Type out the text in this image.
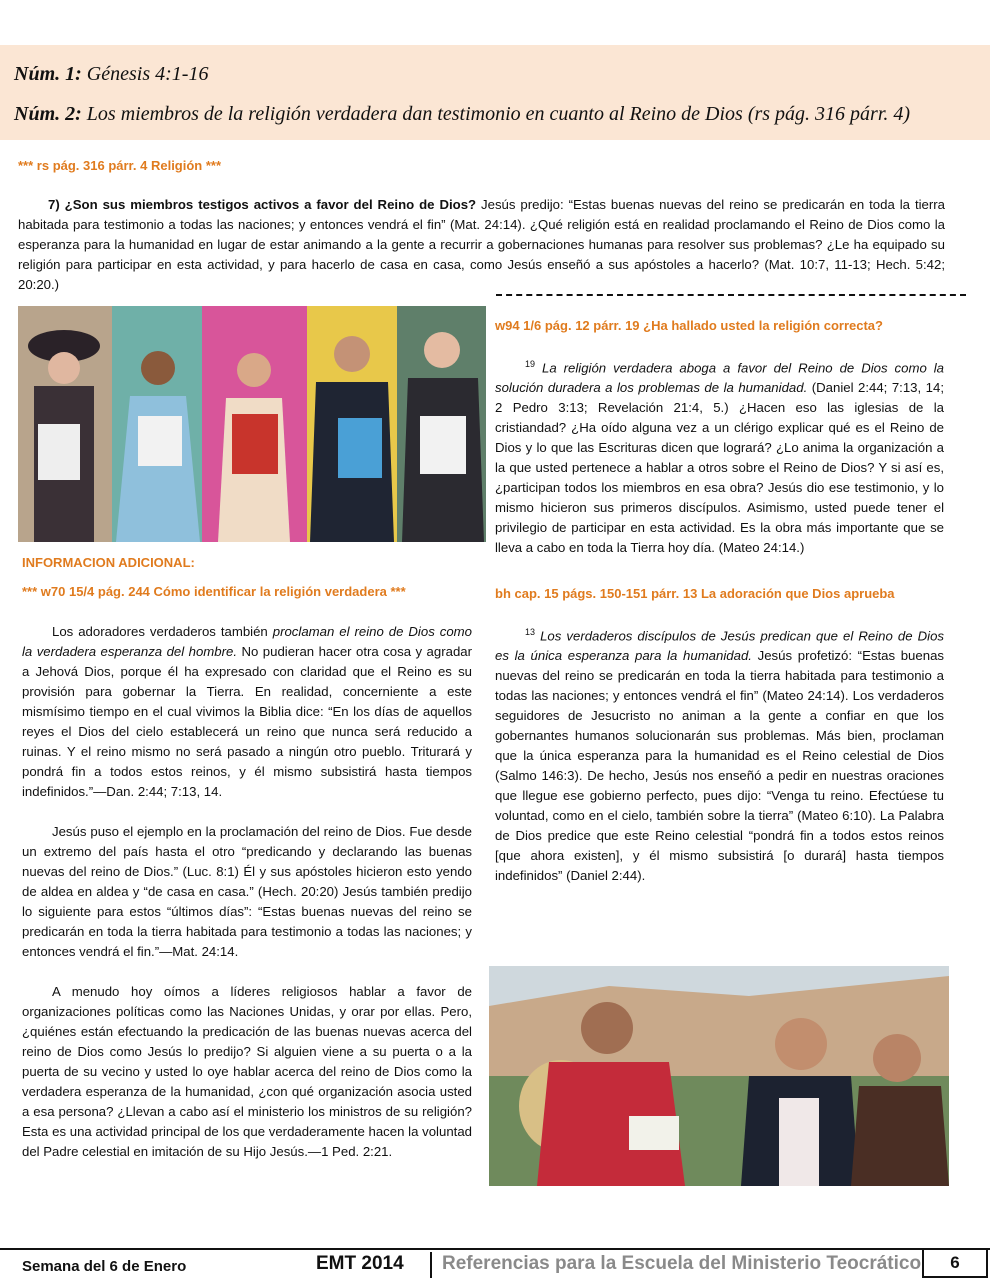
Núm. 1: Génesis 4:1-16
Núm. 2: Los miembros de la religión verdadera dan testimonio en cuanto al Reino de Dios (rs pág. 316 párr. 4)
*** rs pág. 316 párr. 4 Religión ***

7) ¿Son sus miembros testigos activos a favor del Reino de Dios? Jesús predijo: “Estas buenas nuevas del reino se predicarán en toda la tierra habitada para testimonio a todas las naciones; y entonces vendrá el fin” (Mat. 24:14). ¿Qué religión está en realidad proclamando el Reino de Dios como la esperanza para la humanidad en lugar de estar animando a la gente a recurrir a gobernaciones humanas para resolver sus problemas? ¿Le ha equipado su religión para participar en esta actividad, y para hacerlo de casa en casa, como Jesús enseñó a sus apóstoles a hacerlo? (Mat. 10:7, 11-13; Hech. 5:42; 20:20.)

w94 1/6 pág. 12 párr. 19 ¿Ha hallado usted la religión correcta?

$^{19}$ La religión verdadera aboga a favor del Reino de Dios como la solución duradera a los problemas de la humanidad. (Daniel 2:44; 7:13, 14; 2 Pedro 3:13; Revelación 21:4, 5.) ¿Hacen eso las iglesias de la cristiandad? ¿Ha oído alguna vez a un clérigo explicar qué es el Reino de Dios y lo que las Escrituras dicen que logrará? ¿Lo anima la organización a la que usted pertenece a hablar a otros sobre el Reino de Dios? Y si así es, ¿participan todos los miembros en esa obra? Jesús dio ese testimonio, y lo mismo hicieron sus primeros discípulos. Asimismo, usted puede tener el privilegio de participar en esta actividad. Es la obra más importante que se lleva a cabo en toda la Tierra hoy día. (Mateo 24:14.)

bh cap. 15 págs. 150-151 párr. 13 La adoración que Dios aprueba

$^{13}$ Los verdaderos discípulos de Jesús predican que el Reino de Dios es la única esperanza para la humanidad. Jesús profetizó: “Estas buenas nuevas del reino se predicarán en toda la tierra habitada para testimonio a todas las naciones; y entonces vendrá el fin” (Mateo 24:14). Los verdaderos seguidores de Jesucristo no animan a la gente a confiar en que los gobernantes humanos solucionarán sus problemas. Más bien, proclaman que la única esperanza para la humanidad es el Reino celestial de Dios (Salmo 146:3). De hecho, Jesús nos enseñó a pedir en nuestras oraciones que llegue ese gobierno perfecto, pues dijo: “Venga tu reino. Efectúese tu voluntad, como en el cielo, también sobre la tierra” (Mateo 6:10). La Palabra de Dios predice que este Reino celestial “pondrá fin a todos estos reinos [que ahora existen], y él mismo subsistirá [o durará] hasta tiempos indefinidos” (Daniel 2:44).

INFORMACION ADICIONAL:
*** w70 15/4 pág. 244 Cómo identificar la religión verdadera ***

Los adoradores verdaderos también proclaman el reino de Dios como la verdadera esperanza del hombre. No pudieran hacer otra cosa y agradar a Jehová Dios, porque él ha expresado con claridad que el Reino es su provisión para gobernar la Tierra. En realidad, concerniente a este mismísimo tiempo en el cual vivimos la Biblia dice: “En los días de aquellos reyes el Dios del cielo establecerá un reino que nunca será reducido a ruinas. Y el reino mismo no será pasado a ningún otro pueblo. Triturará y pondrá fin a todos estos reinos, y él mismo subsistirá hasta tiempos indefinidos.”—Dan. 2:44; 7:13, 14.

Jesús puso el ejemplo en la proclamación del reino de Dios. Fue desde un extremo del país hasta el otro “predicando y declarando las buenas nuevas del reino de Dios.” (Luc. 8:1) Él y sus apóstoles hicieron esto yendo de aldea en aldea y “de casa en casa.” (Hech. 20:20) Jesús también predijo lo siguiente para estos “últimos días”: “Estas buenas nuevas del reino se predicarán en toda la tierra habitada para testimonio a todas las naciones; y entonces vendrá el fin.”—Mat. 24:14.

A menudo hoy oímos a líderes religiosos hablar a favor de organizaciones políticas como las Naciones Unidas, y orar por ellas. Pero, ¿quiénes están efectuando la predicación de las buenas nuevas acerca del reino de Dios como Jesús lo predijo? Si alguien viene a su puerta o a la puerta de su vecino y usted lo oye hablar acerca del reino de Dios como la verdadera esperanza de la humanidad, ¿con qué organización asocia usted a esa persona? ¿Llevan a cabo así el ministerio los ministros de su religión? Esta es una actividad principal de los que verdaderamente hacen la voluntad del Padre celestial en imitación de su Hijo Jesús.—1 Ped. 2:21.

Semana del 6 de Enero	EMT 2014 Referencias para la Escuela del Ministerio Teocrático	6
